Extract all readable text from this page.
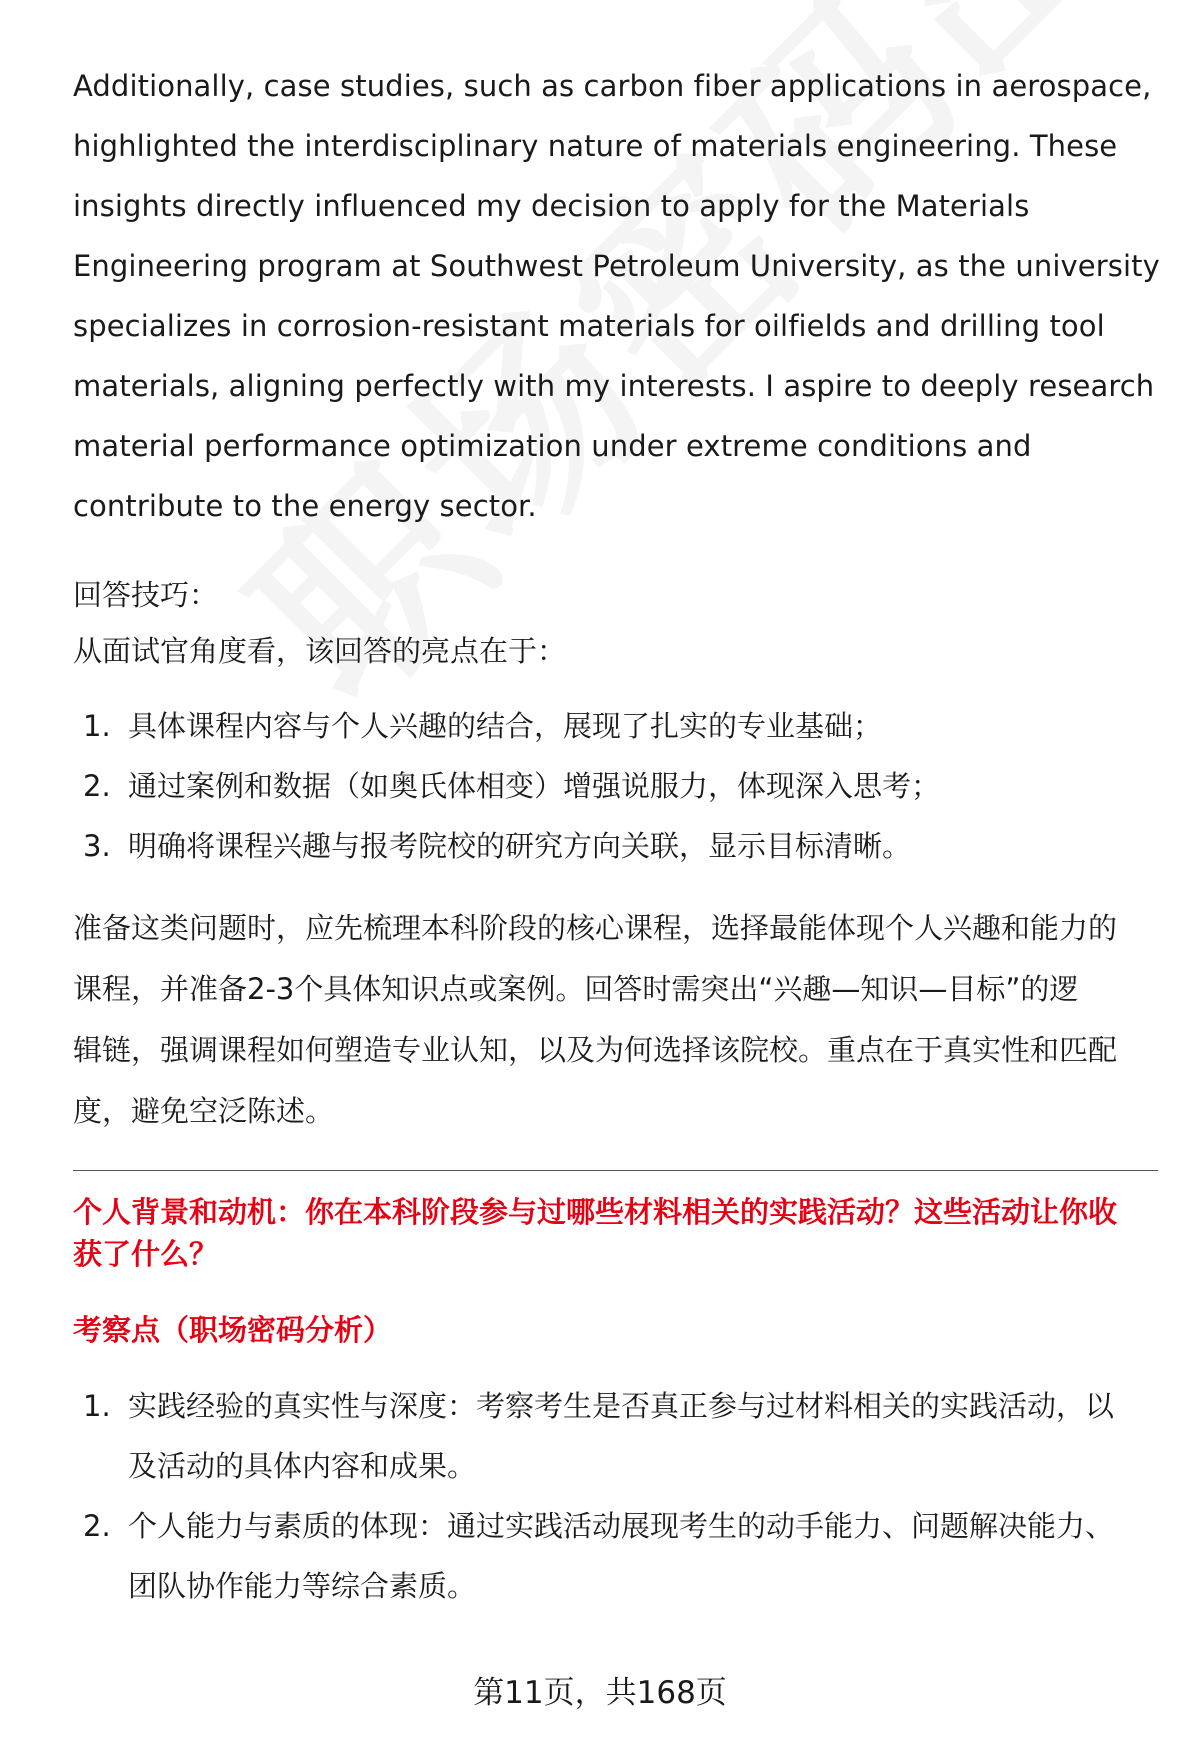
Additionally, case studies, such as carbon fiber applications in aerospace,
highlighted the interdisciplinary nature of materials engineering. These
insights directly influenced my decision to apply for the Materials
Engineering program at Southwest Petroleum University, as the university
specializes in corrosion-resistant materials for oilfields and drilling tool
materials, aligning perfectly with my interests. I aspire to deeply research
material performance optimization under extreme conditions and
contribute to the energy sector.

回答技巧：
从面试官角度看，该回答的亮点在于：
1. 具体课程内容与个人兴趣的结合，展现了扎实的专业基础；
2. 通过案例和数据（如奥氏体相变）增强说服力，体现深入思考；
3. 明确将课程兴趣与报考院校的研究方向关联，显示目标清晰。

准备这类问题时，应先梳理本科阶段的核心课程，选择最能体现个人兴趣和能力的
课程，并准备2-3个具体知识点或案例。回答时需突出“兴趣—知识—目标”的逻
辑链，强调课程如何塑造专业认知，以及为何选择该院校。重点在于真实性和匹配
度，避免空泛陈述。

个人背景和动机：你在本科阶段参与过哪些材料相关的实践活动？这些活动让你收
获了什么？
考察点（职场密码分析）
1. 实践经验的真实性与深度：考察考生是否真正参与过材料相关的实践活动，以
及活动的具体内容和成果。
2. 个人能力与素质的体现：通过实践活动展现考生的动手能力、问题解决能力、
团队协作能力等综合素质。
第11页，共168页
